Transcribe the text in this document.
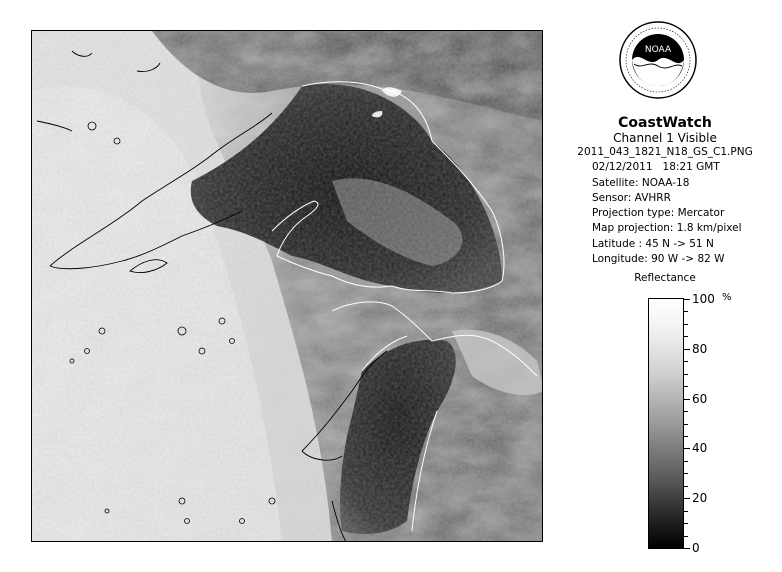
NOAA
CoastWatch
Channel 1 Visible
2011_043_1821_N18_GS_C1.PNG
02/12/2011 18:21 GMT
Satellite: NOAA-18
Sensor: AVHRR
Projection type: Mercator
Map projection: 1.8 km/pixel
Latitude : 45 N -> 51 N
Longitude: 90 W -> 82 W
Reflectance
%
100
80
60
40
20
0
